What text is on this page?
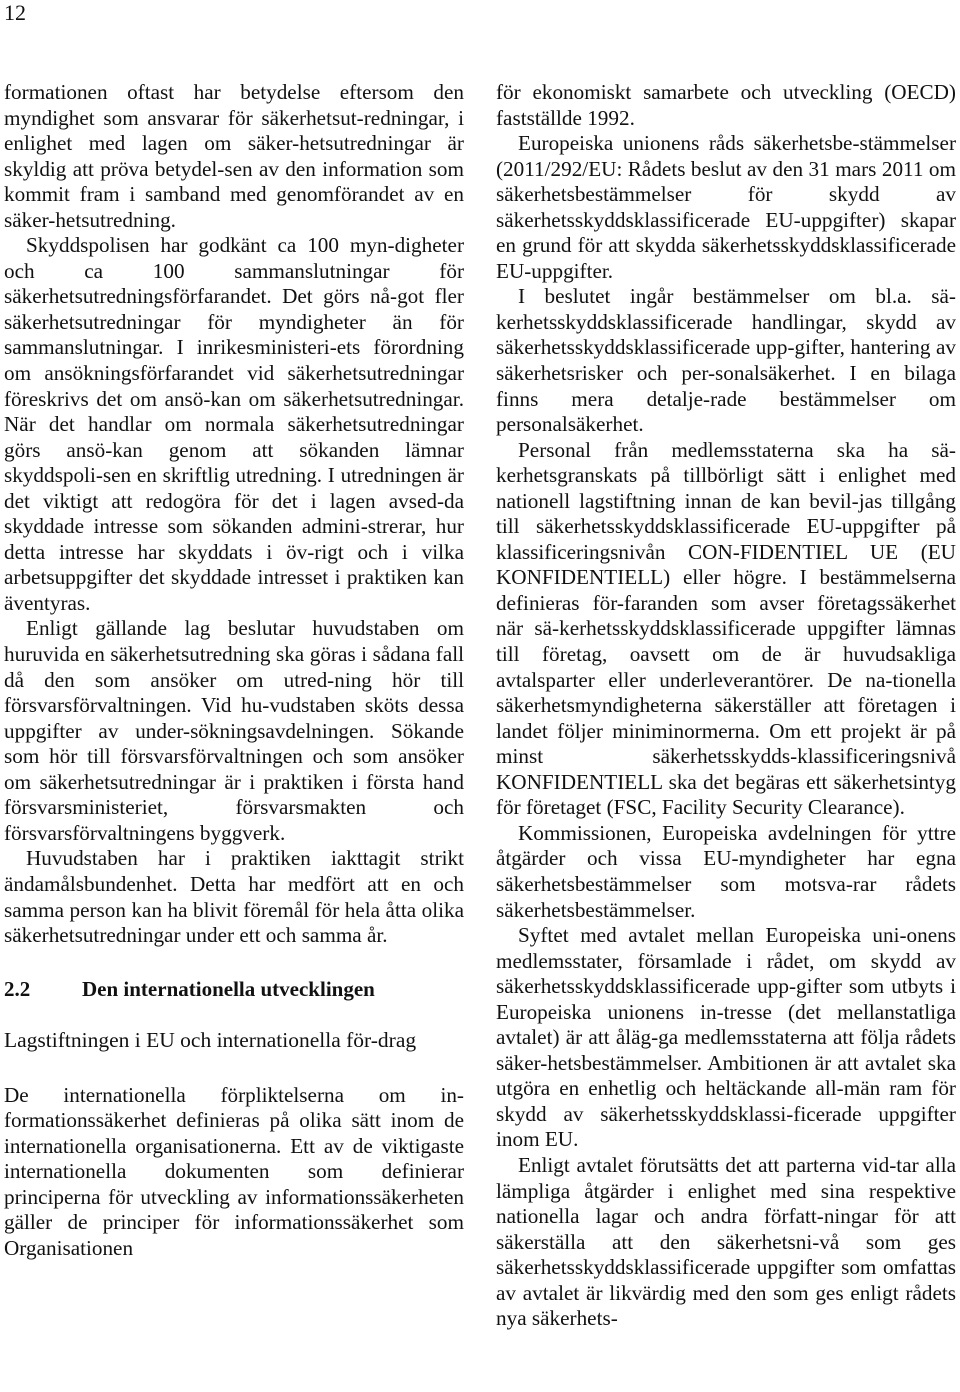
12

formationen oftast har betydelse eftersom den myndighet som ansvarar för säkerhetsut-redningar, i enlighet med lagen om säker-hetsutredningar är skyldig att pröva betydel-sen av den information som kommit fram i samband med genomförandet av en säker-hetsutredning.

Skyddspolisen har godkänt ca 100 myn-digheter och ca 100 sammanslutningar för säkerhetsutredningsförfarandet. Det görs nå-got fler säkerhetsutredningar för myndigheter än för sammanslutningar. I inrikesministeri-ets förordning om ansökningsförfarandet vid säkerhetsutredningar föreskrivs det om ansö-kan om säkerhetsutredningar. När det handlar om normala säkerhetsutredningar görs ansö-kan genom att sökanden lämnar skyddspoli-sen en skriftlig utredning. I utredningen är det viktigt att redogöra för det i lagen avsed-da skyddade intresse som sökanden admini-strerar, hur detta intresse har skyddats i öv-rigt och i vilka arbetsuppgifter det skyddade intresset i praktiken kan äventyras.

Enligt gällande lag beslutar huvudstaben om huruvida en säkerhetsutredning ska göras i sådana fall då den som ansöker om utred-ning hör till försvarsförvaltningen. Vid hu-vudstaben sköts dessa uppgifter av under-sökningsavdelningen. Sökande som hör till försvarsförvaltningen och som ansöker om säkerhetsutredningar är i praktiken i första hand försvarsministeriet, försvarsmakten och försvarsförvaltningens byggverk.

Huvudstaben har i praktiken iakttagit strikt ändamålsbundenhet. Detta har medfört att en och samma person kan ha blivit föremål för hela åtta olika säkerhetsutredningar under ett och samma år.

2.2	Den internationella utvecklingen
Lagstiftningen i EU och internationella för-drag

De internationella förpliktelserna om in-formationssäkerhet definieras på olika sätt inom de internationella organisationerna. Ett av de viktigaste internationella dokumenten som definierar principerna för utveckling av informationssäkerheten gäller de principer för informationssäkerhet som Organisationen

för ekonomiskt samarbete och utveckling (OECD) fastställde 1992.

Europeiska unionens råds säkerhetsbe-stämmelser (2011/292/EU: Rådets beslut av den 31 mars 2011 om säkerhetsbestämmelser för skydd av säkerhetsskyddsklassificerade EU-uppgifter) skapar en grund för att skydda säkerhetsskyddsklassificerade EU-uppgifter.

I beslutet ingår bestämmelser om bl.a. sä-kerhetsskyddsklassificerade handlingar, skydd av säkerhetsskyddsklassificerade upp-gifter, hantering av säkerhetsrisker och per-sonalsäkerhet. I en bilaga finns mera detalje-rade bestämmelser om personalsäkerhet.

Personal från medlemsstaterna ska ha sä-kerhetsgranskats på tillbörligt sätt i enlighet med nationell lagstiftning innan de kan bevil-jas tillgång till säkerhetsskyddsklassificerade EU-uppgifter på klassificeringsnivån CON-FIDENTIEL UE (EU KONFIDENTIELL) eller högre. I bestämmelserna definieras för-faranden som avser företagssäkerhet när sä-kerhetsskyddsklassificerade uppgifter lämnas till företag, oavsett om de är huvudsakliga avtalsparter eller underleverantörer. De na-tionella säkerhetsmyndigheterna säkerställer att företagen i landet följer miniminormerna. Om ett projekt är på minst säkerhetsskydds-klassificeringsnivå KONFIDENTIELL ska det begäras ett säkerhetsintyg för företaget (FSC, Facility Security Clearance).

Kommissionen, Europeiska avdelningen för yttre åtgärder och vissa EU-myndigheter har egna säkerhetsbestämmelser som motsva-rar rådets säkerhetsbestämmelser.

Syftet med avtalet mellan Europeiska uni-onens medlemsstater, församlade i rådet, om skydd av säkerhetsskyddsklassificerade upp-gifter som utbyts i Europeiska unionens in-tresse (det mellanstatliga avtalet) är att åläg-ga medlemsstaterna att följa rådets säker-hetsbestämmelser. Ambitionen är att avtalet ska utgöra en enhetlig och heltäckande all-män ram för skydd av säkerhetsskyddsklassi-ficerade uppgifter inom EU.

Enligt avtalet förutsätts det att parterna vid-tar alla lämpliga åtgärder i enlighet med sina respektive nationella lagar och andra författ-ningar för att säkerställa att den säkerhetsni-vå som ges säkerhetsskyddsklassificerade uppgifter som omfattas av avtalet är likvärdig med den som ges enligt rådets nya säkerhets-
